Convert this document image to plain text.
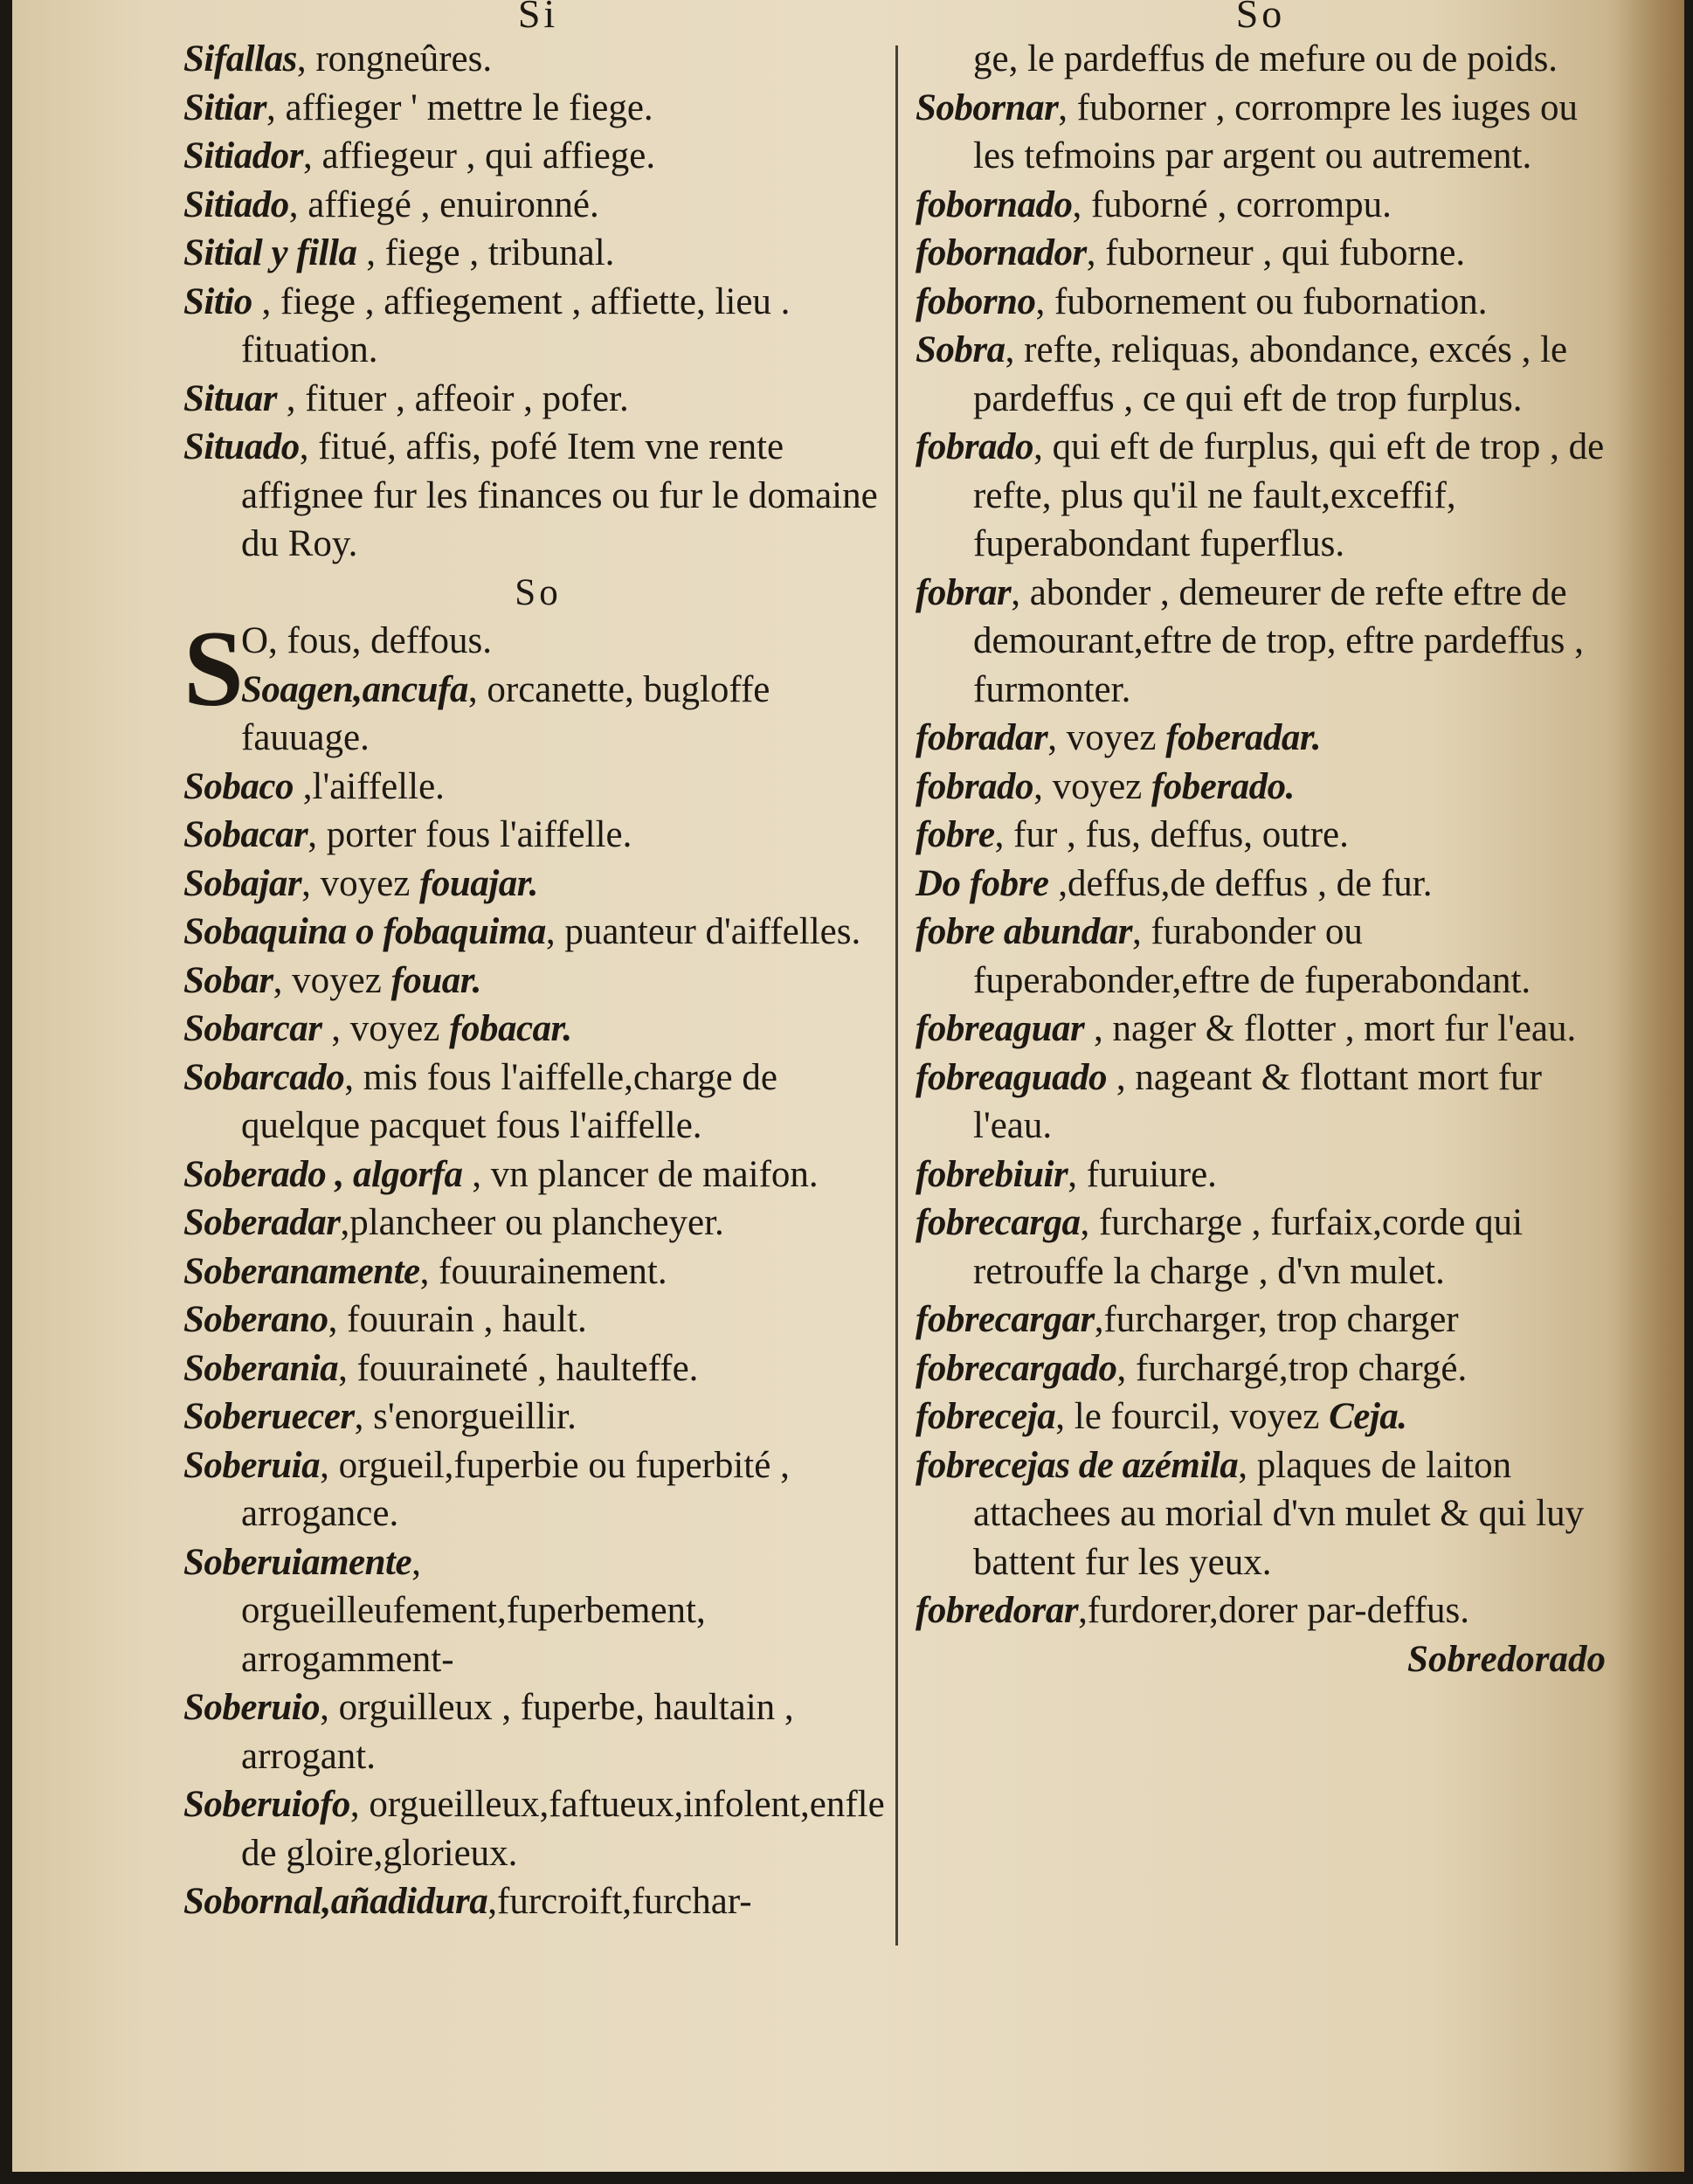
Si
Sifallas, rongneûres.
Sitiar, affieger ' mettre le fiege.
Sitiador, affiegeur , qui affiege.
Sitiado, affiegé , enuironné.
Sitial y filla , fiege , tribunal.
Sitio , fiege , affiegement , affiette, lieu . fituation.
Situar , fituer , affeoir , pofer.
Situado, fitué, affis, pofé Item vne rente affignee fur les finances ou fur le domaine du Roy.
So
S
O, fous, deffous.
Soagen,ancufa, orcanette, bugloffe fauuage.
Sobaco ,l'aiffelle.
Sobacar, porter fous l'aiffelle.
Sobajar, voyez fouajar.
Sobaquina o fobaquima, puanteur d'aiffelles.
Sobar, voyez fouar.
Sobarcar , voyez fobacar.
Sobarcado, mis fous l'aiffelle,charge de quelque pacquet fous l'aiffelle.
Soberado , algorfa , vn plancer de maifon.
Soberadar,plancheer ou plancheyer.
Soberanamente, fouurainement.
Soberano, fouurain , hault.
Soberania, fouuraineté , haulteffe.
Soberuecer, s'enorgueillir.
Soberuia, orgueil,fuperbie ou fuperbité , arrogance.
Soberuiamente, orgueilleufement,fuperbement, arrogamment-
Soberuio, orguilleux , fuperbe, haultain , arrogant.
Soberuiofo, orgueilleux,faftueux,infolent,enfle de gloire,glorieux.
Sobornal,añadidura,furcroift,furchar-
So
ge, le pardeffus de mefure ou de poids.
Sobornar, fuborner , corrompre les iuges ou les tefmoins par argent ou autrement.
fobornado, fuborné , corrompu.
fobornador, fuborneur , qui fuborne.
foborno, fubornement ou fubornation.
Sobra, refte, reliquas, abondance, excés , le pardeffus , ce qui eft de trop furplus.
fobrado, qui eft de furplus, qui eft de trop , de refte, plus qu'il ne fault,exceffif, fuperabondant fuperflus.
fobrar, abonder , demeurer de refte eftre de demourant,eftre de trop, eftre pardeffus , furmonter.
fobradar, voyez foberadar.
fobrado, voyez foberado.
fobre, fur , fus, deffus, outre.
Do fobre ,deffus,de deffus , de fur.
fobre abundar, furabonder ou fuperabonder,eftre de fuperabondant.
fobreaguar , nager & flotter , mort fur l'eau.
fobreaguado , nageant & flottant mort fur l'eau.
fobrebiuir, furuiure.
fobrecarga, furcharge , furfaix,corde qui retrouffe la charge , d'vn mulet.
fobrecargar,furcharger, trop charger
fobrecargado, furchargé,trop chargé.
fobreceja, le fourcil, voyez Ceja.
fobrecejas de azémila, plaques de laiton attachees au morial d'vn mulet & qui luy battent fur les yeux.
fobredorar,furdorer,dorer par-deffus.
Sobredorado
